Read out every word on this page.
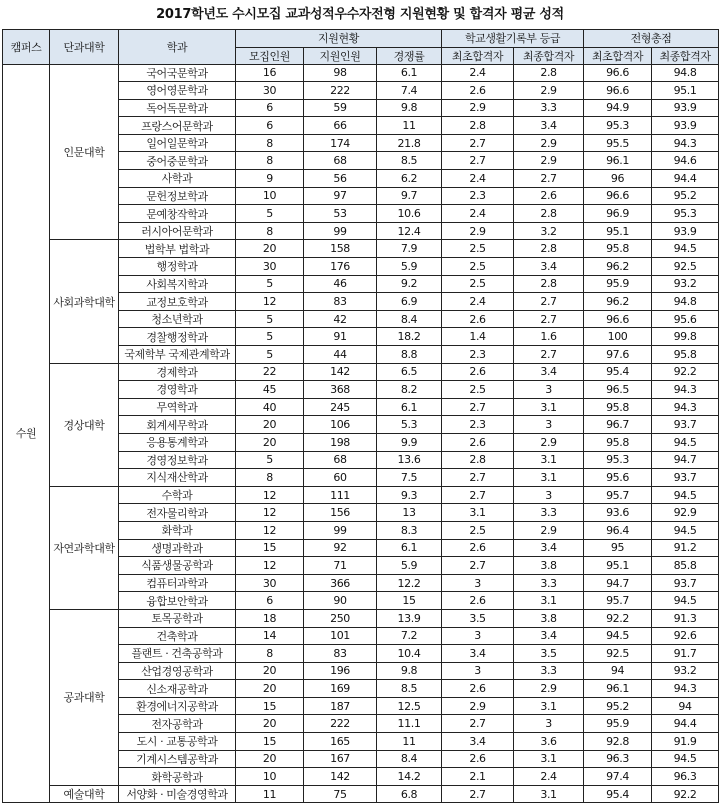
2017학년도 수시모집 교과성적우수자전형 지원현황 및 합격자 평균 성적
캠퍼스	단과대학	학과	지원현황			학교생활기록부 등급		전형총점	
			모집인원	지원인원	경쟁률	최초합격자	최종합격자	최초합격자	최종합격자
수원	인문대학	국어국문학과	16	98	6.1	2.4	2.8	96.6	94.8
		영어영문학과	30	222	7.4	2.6	2.9	96.6	95.1
		독어독문학과	6	59	9.8	2.9	3.3	94.9	93.9
		프랑스어문학과	6	66	11	2.8	3.4	95.3	93.9
		일어일문학과	8	174	21.8	2.7	2.9	95.5	94.3
		중어중문학과	8	68	8.5	2.7	2.9	96.1	94.6
		사학과	9	56	6.2	2.4	2.7	96	94.4
		문헌정보학과	10	97	9.7	2.3	2.6	96.6	95.2
		문예창작학과	5	53	10.6	2.4	2.8	96.9	95.3
		러시아어문학과	8	99	12.4	2.9	3.2	95.1	93.9
	사회과학대학	법학부 법학과	20	158	7.9	2.5	2.8	95.8	94.5
		행정학과	30	176	5.9	2.5	3.4	96.2	92.5
		사회복지학과	5	46	9.2	2.5	2.8	95.9	93.2
		교정보호학과	12	83	6.9	2.4	2.7	96.2	94.8
		청소년학과	5	42	8.4	2.6	2.7	96.6	95.6
		경찰행정학과	5	91	18.2	1.4	1.6	100	99.8
		국제학부 국제관계학과	5	44	8.8	2.3	2.7	97.6	95.8
	경상대학	경제학과	22	142	6.5	2.6	3.4	95.4	92.2
		경영학과	45	368	8.2	2.5	3	96.5	94.3
		무역학과	40	245	6.1	2.7	3.1	95.8	94.3
		회계세무학과	20	106	5.3	2.3	3	96.7	93.7
		응용통계학과	20	198	9.9	2.6	2.9	95.8	94.5
		경영정보학과	5	68	13.6	2.8	3.1	95.3	94.7
		지식재산학과	8	60	7.5	2.7	3.1	95.6	93.7
	자연과학대학	수학과	12	111	9.3	2.7	3	95.7	94.5
		전자물리학과	12	156	13	3.1	3.3	93.6	92.9
		화학과	12	99	8.3	2.5	2.9	96.4	94.5
		생명과학과	15	92	6.1	2.6	3.4	95	91.2
		식품생물공학과	12	71	5.9	2.7	3.8	95.1	85.8
		컴퓨터과학과	30	366	12.2	3	3.3	94.7	93.7
		융합보안학과	6	90	15	2.6	3.1	95.7	94.5
	공과대학	토목공학과	18	250	13.9	3.5	3.8	92.2	91.3
		건축학과	14	101	7.2	3	3.4	94.5	92.6
		플랜트 · 건축공학과	8	83	10.4	3.4	3.5	92.5	91.7
		산업경영공학과	20	196	9.8	3	3.3	94	93.2
		신소재공학과	20	169	8.5	2.6	2.9	96.1	94.3
		환경에너지공학과	15	187	12.5	2.9	3.1	95.2	94
		전자공학과	20	222	11.1	2.7	3	95.9	94.4
		도시 · 교통공학과	15	165	11	3.4	3.6	92.8	91.9
		기계시스템공학과	20	167	8.4	2.6	3.1	96.3	94.5
		화학공학과	10	142	14.2	2.1	2.4	97.4	96.3
	예술대학	서양화 · 미술경영학과	11	75	6.8	2.7	3.1	95.4	92.2
